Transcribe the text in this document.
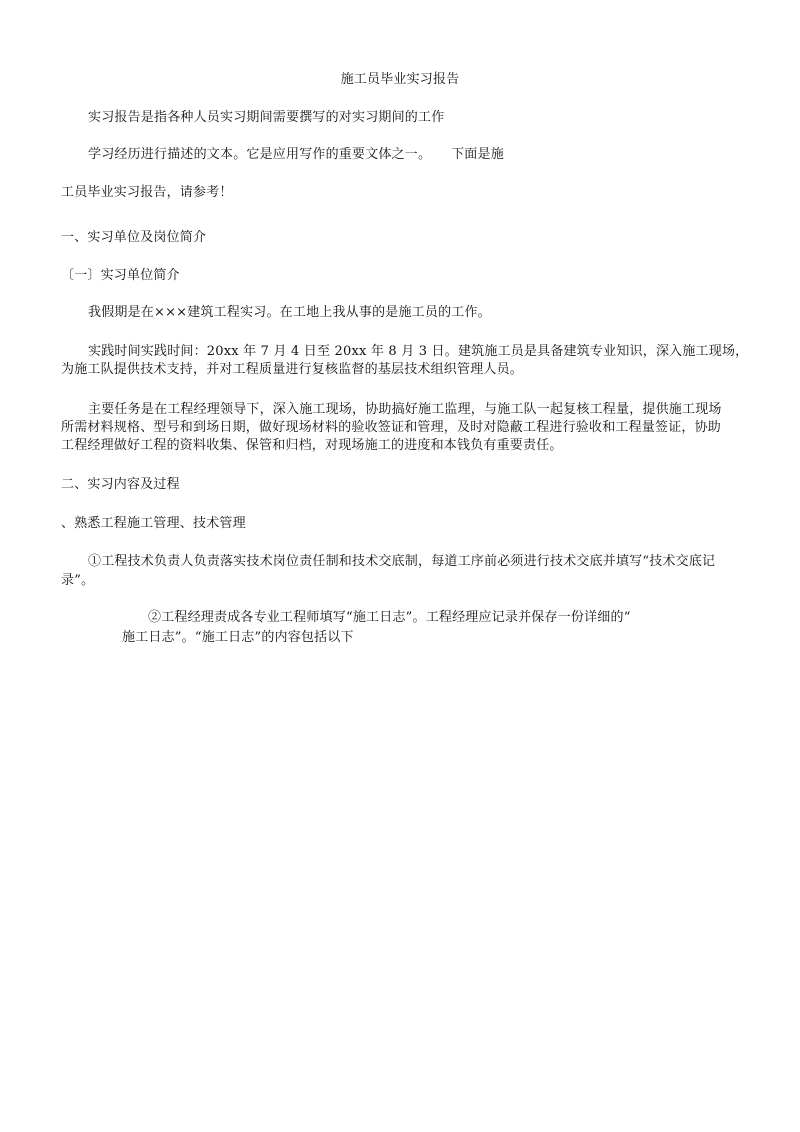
施工员毕业实习报告
实习报告是指各种人员实习期间需要撰写的对实习期间的工作
学习经历进行描述的文本。它是应用写作的重要文体之一。　　下面是施
工员毕业实习报告，请参考！
一、实习单位及岗位简介
〔一〕实习单位简介
我假期是在×××建筑工程实习。在工地上我从事的是施工员的工作。
实践时间实践时间：20xx 年 7 月 4 日至 20xx 年 8 月 3 日。建筑施工员是具备建筑专业知识，深入施工现场，
为施工队提供技术支持，并对工程质量进行复核监督的基层技术组织管理人员。
主要任务是在工程经理领导下，深入施工现场，协助搞好施工监理，与施工队一起复核工程量，提供施工现场
所需材料规格、型号和到场日期，做好现场材料的验收签证和管理，及时对隐蔽工程进行验收和工程量签证，协助
工程经理做好工程的资料收集、保管和归档，对现场施工的进度和本钱负有重要责任。
二、实习内容及过程
、熟悉工程施工管理、技术管理
①工程技术负责人负责落实技术岗位责任制和技术交底制，每道工序前必须进行技术交底并填写“技术交底记
录”。
②工程经理责成各专业工程师填写“施工日志”。工程经理应记录并保存一份详细的“
施工日志”。“施工日志”的内容包括以下
